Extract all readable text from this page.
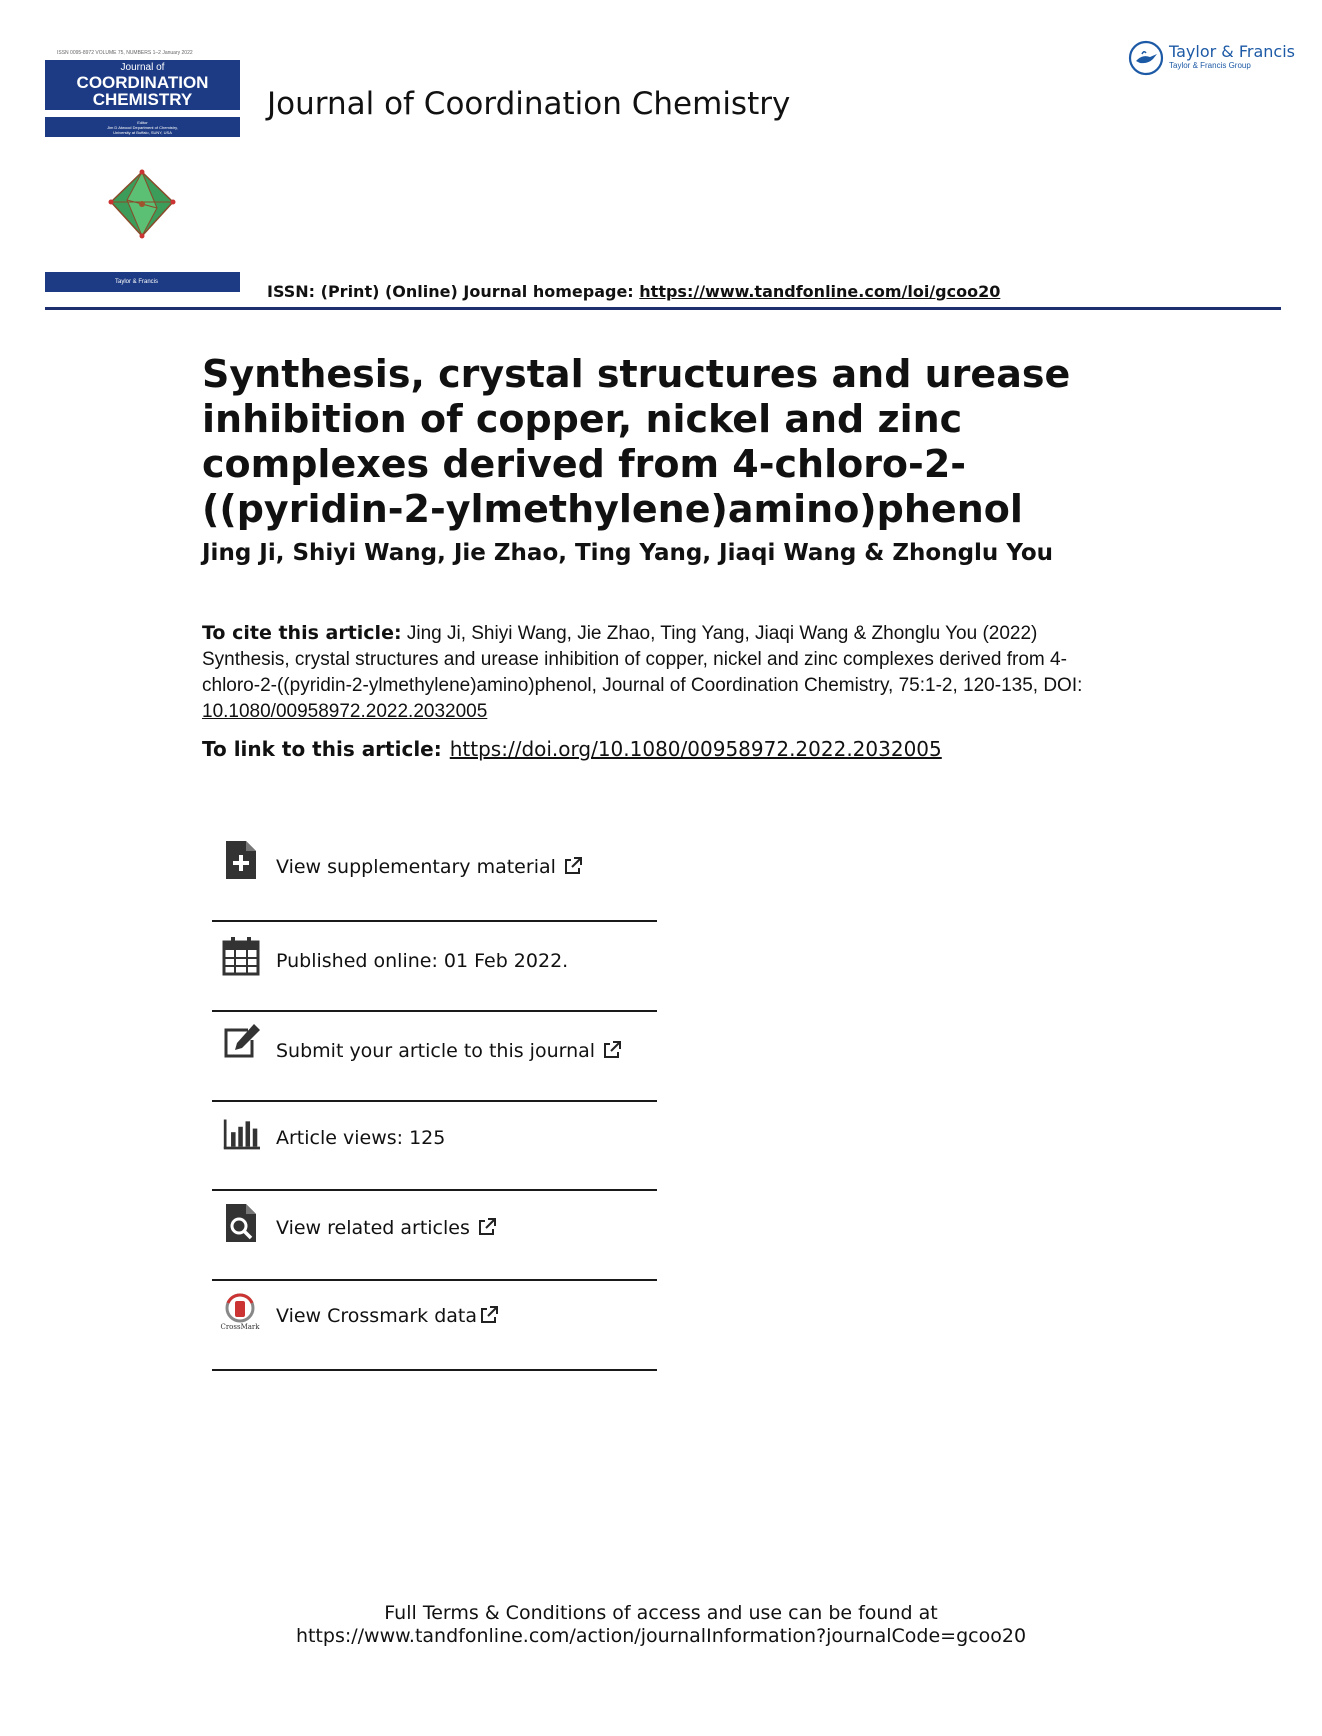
ISSN 0095-8972 VOLUME 75, NUMBERS 1–2 January 2022
Journal of
COORDINATION
CHEMISTRY
Editor
Jim D Atwood Department of Chemistry,
University at Buffalo, SUNY, USA
Taylor & Francis
Journal of Coordination Chemistry
Taylor & Francis
Taylor & Francis Group
ISSN: (Print) (Online) Journal homepage: https://www.tandfonline.com/loi/gcoo20
Synthesis, crystal structures and urease inhibition of copper, nickel and zinc complexes derived from 4-chloro-2-((pyridin-2-ylmethylene)amino)phenol
Jing Ji, Shiyi Wang, Jie Zhao, Ting Yang, Jiaqi Wang & Zhonglu You
To cite this article: Jing Ji, Shiyi Wang, Jie Zhao, Ting Yang, Jiaqi Wang & Zhonglu You (2022) Synthesis, crystal structures and urease inhibition of copper, nickel and zinc complexes derived from 4-chloro-2-((pyridin-2-ylmethylene)amino)phenol, Journal of Coordination Chemistry, 75:1-2, 120-135, DOI: 10.1080/00958972.2022.2032005
To link to this article: https://doi.org/10.1080/00958972.2022.2032005
View supplementary material
Published online: 01 Feb 2022.
Submit your article to this journal
Article views: 125
View related articles
CrossMark View Crossmark data
Full Terms & Conditions of access and use can be found at
https://www.tandfonline.com/action/journalInformation?journalCode=gcoo20
